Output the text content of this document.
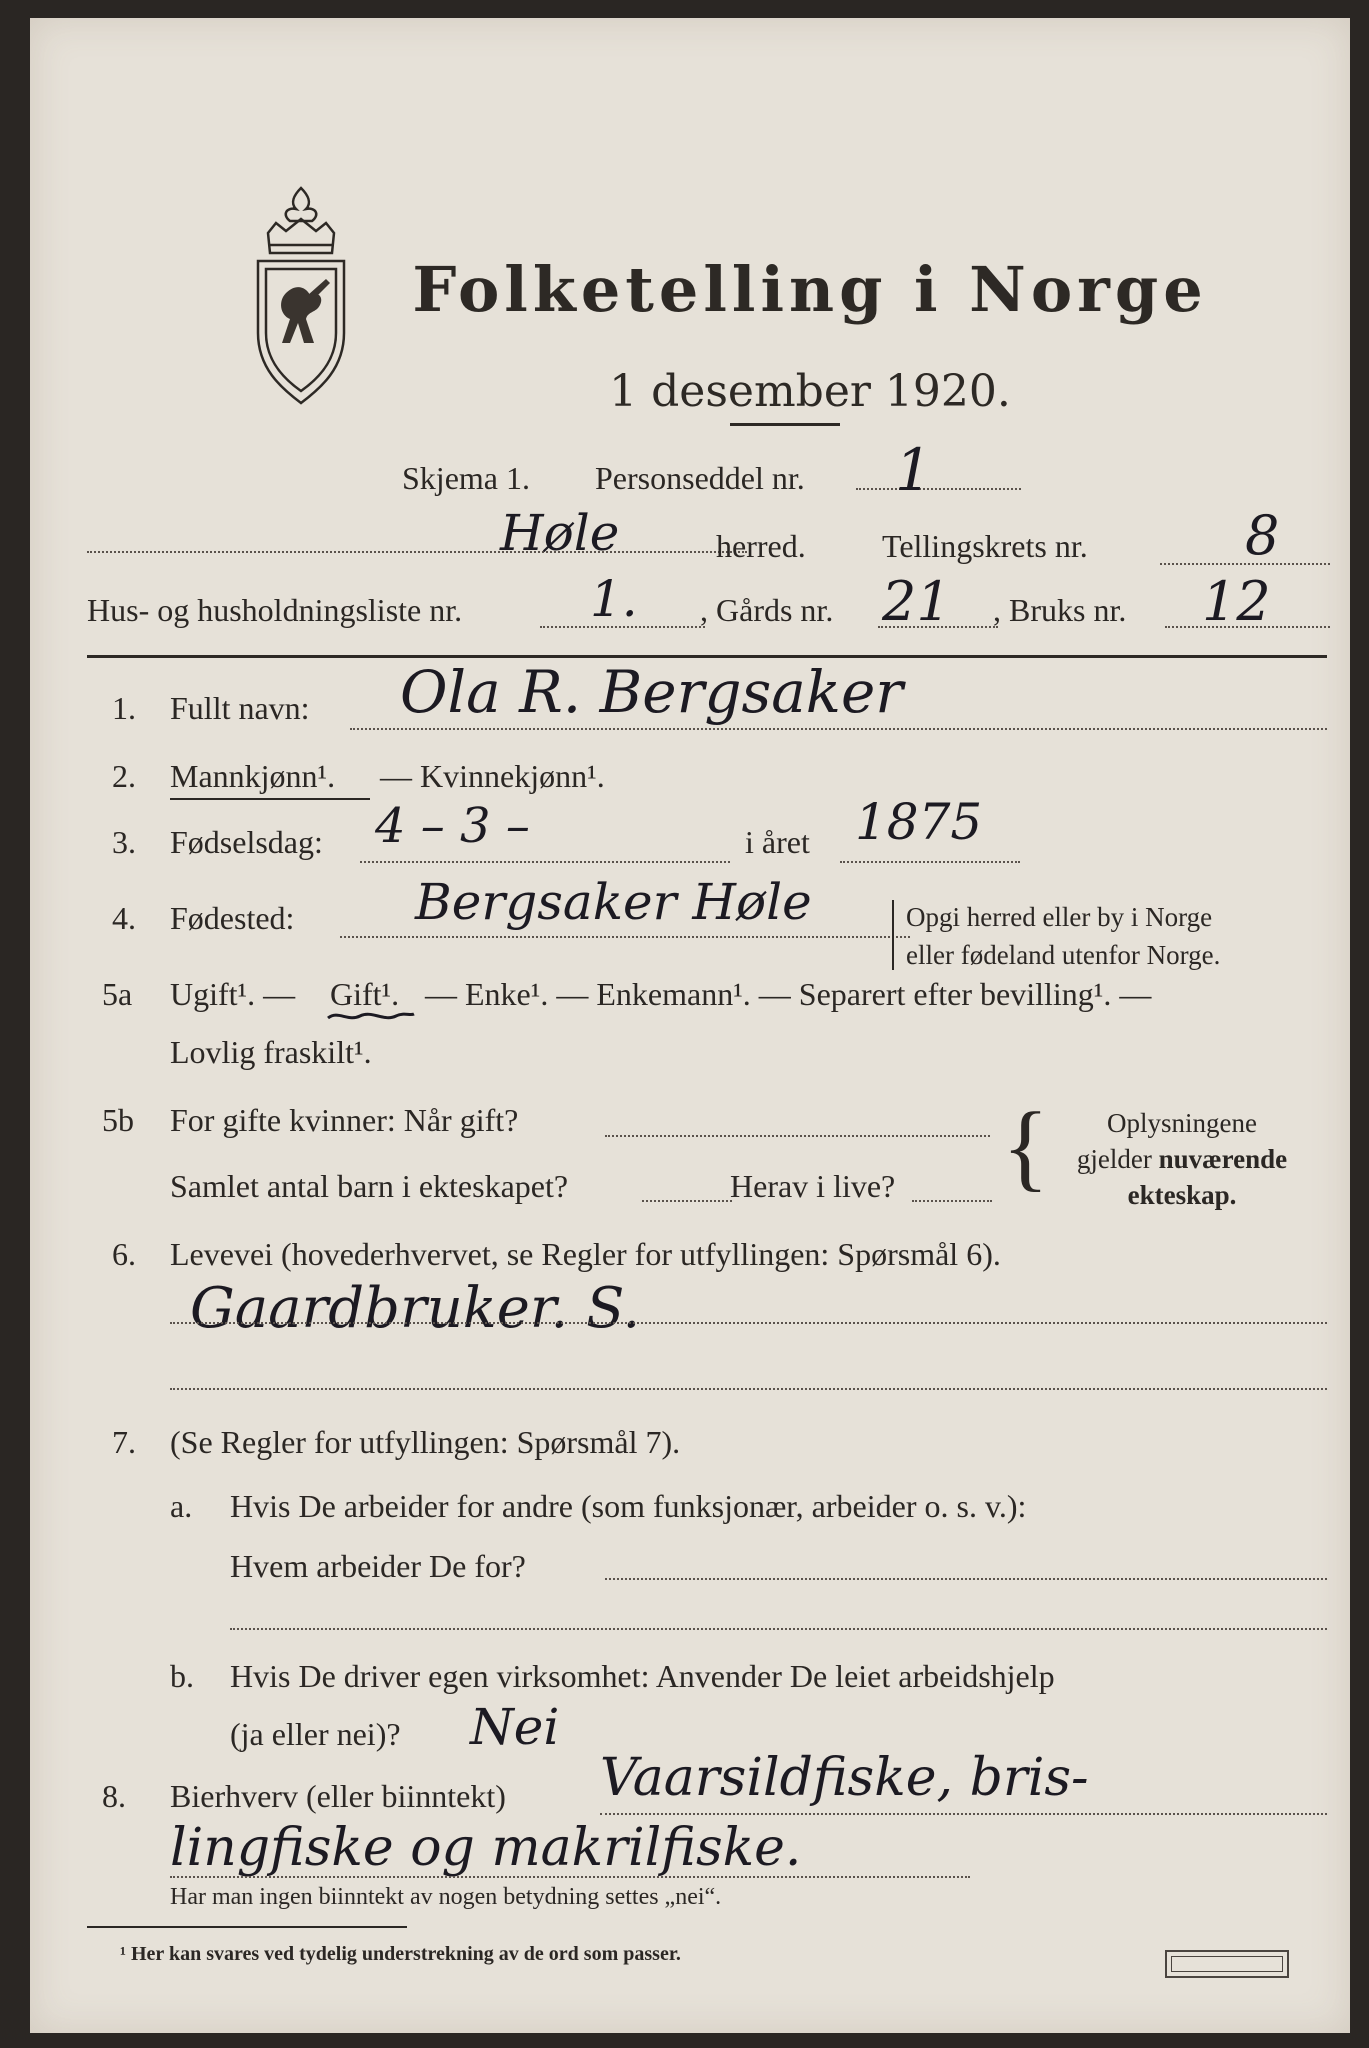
Folketelling i Norge
1 desember 1920.
Skjema 1. Personseddel nr. 1
Høle	herred. Tellingskrets nr.	8
Hus- og husholdningsliste nr.	1. , Gårds nr. 21 , Bruks nr. 12
1. Fullt navn: Ola R. Bergsaker
2. Mannkjønn¹. — Kvinnekjønn¹.
3. Fødselsdag: 4 – 3 –	i året 1875
4. Fødested: Bergsaker Høle	Opgi herred eller by i Norge
eller fødeland utenfor Norge.
5a Ugift¹. — Gift¹. — Enke¹. — Enkemann¹. — Separert efter bevilling¹. —
Lovlig fraskilt¹.
5b For gifte kvinner: Når gift?
Samlet antal barn i ekteskapet?	Herav i live? {	Oplysningene
gjelder nuværende
ekteskap.
6. Levevei (hovederhvervet, se Regler for utfyllingen: Spørsmål 6).
Gaardbruker. S.
7. (Se Regler for utfyllingen: Spørsmål 7).
a. Hvis De arbeider for andre (som funksjonær, arbeider o. s. v.):
Hvem arbeider De for?
b. Hvis De driver egen virksomhet: Anvender De leiet arbeidshjelp
(ja eller nei)? Nei
8. Bierhverv (eller biinntekt) Vaarsildfiske, bris-
lingfiske og makrilfiske.
Har man ingen biinntekt av nogen betydning settes „nei“.
¹ Her kan svares ved tydelig understrekning av de ord som passer.
